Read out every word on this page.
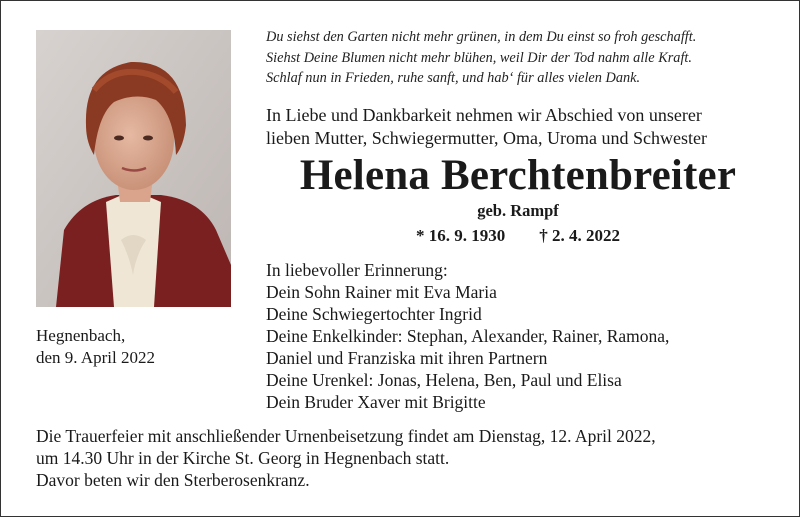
Du siehst den Garten nicht mehr grünen, in dem Du einst so froh geschafft.
Siehst Deine Blumen nicht mehr blühen, weil Dir der Tod nahm alle Kraft.
Schlaf nun in Frieden, ruhe sanft, und hab‘ für alles vielen Dank.
In Liebe und Dankbarkeit nehmen wir Abschied von unserer
lieben Mutter, Schwiegermutter, Oma, Uroma und Schwester
Helena Berchtenbreiter
geb. Rampf
* 16. 9. 1930 † 2. 4. 2022
Hegnenbach,
den 9. April 2022
In liebevoller Erinnerung:
Dein Sohn Rainer mit Eva Maria
Deine Schwiegertochter Ingrid
Deine Enkelkinder: Stephan, Alexander, Rainer, Ramona,
Daniel und Franziska mit ihren Partnern
Deine Urenkel: Jonas, Helena, Ben, Paul und Elisa
Dein Bruder Xaver mit Brigitte
Die Trauerfeier mit anschließender Urnenbeisetzung findet am Dienstag, 12. April 2022,
um 14.30 Uhr in der Kirche St. Georg in Hegnenbach statt.
Davor beten wir den Sterberosenkranz.
